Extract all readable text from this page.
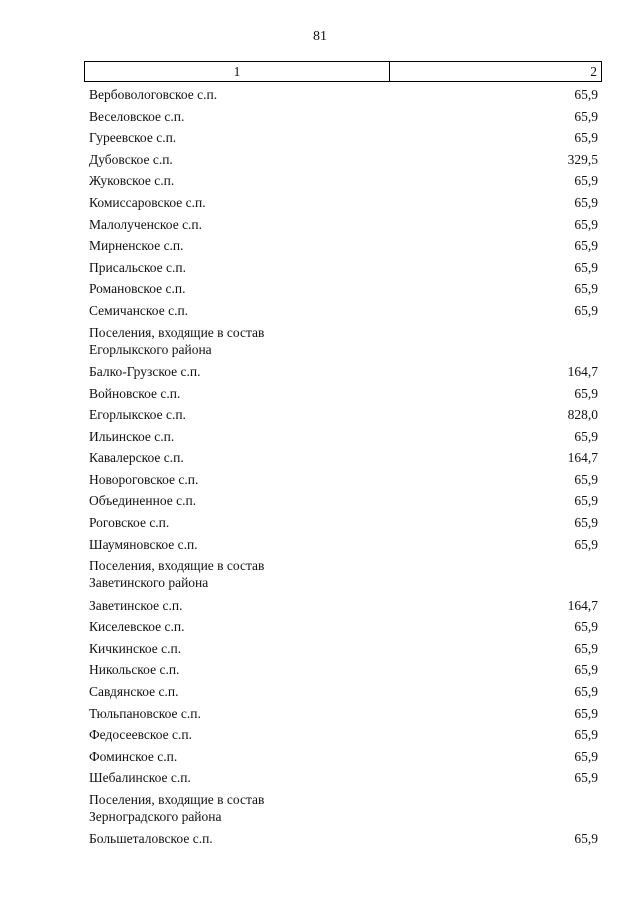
81
1	2
Вербовологовское с.п.	65,9
Веселовское с.п.	65,9
Гуреевское с.п.	65,9
Дубовское с.п.	329,5
Жуковское с.п.	65,9
Комиссаровское с.п.	65,9
Малолученское с.п.	65,9
Мирненское с.п.	65,9
Присальское с.п.	65,9
Романовское с.п.	65,9
Семичанское с.п.	65,9
Поселения, входящие в состав
Егорлыкского района
Балко-Грузское с.п.	164,7
Войновское с.п.	65,9
Егорлыкское с.п.	828,0
Ильинское с.п.	65,9
Кавалерское с.п.	164,7
Новороговское с.п.	65,9
Объединенное с.п.	65,9
Роговское с.п.	65,9
Шаумяновское с.п.	65,9
Поселения, входящие в состав
Заветинского района
Заветинское с.п.	164,7
Киселевское с.п.	65,9
Кичкинское с.п.	65,9
Никольское с.п.	65,9
Савдянское с.п.	65,9
Тюльпановское с.п.	65,9
Федосеевское с.п.	65,9
Фоминское с.п.	65,9
Шебалинское с.п.	65,9
Поселения, входящие в состав
Зерноградского района
Большеталовское с.п.	65,9
